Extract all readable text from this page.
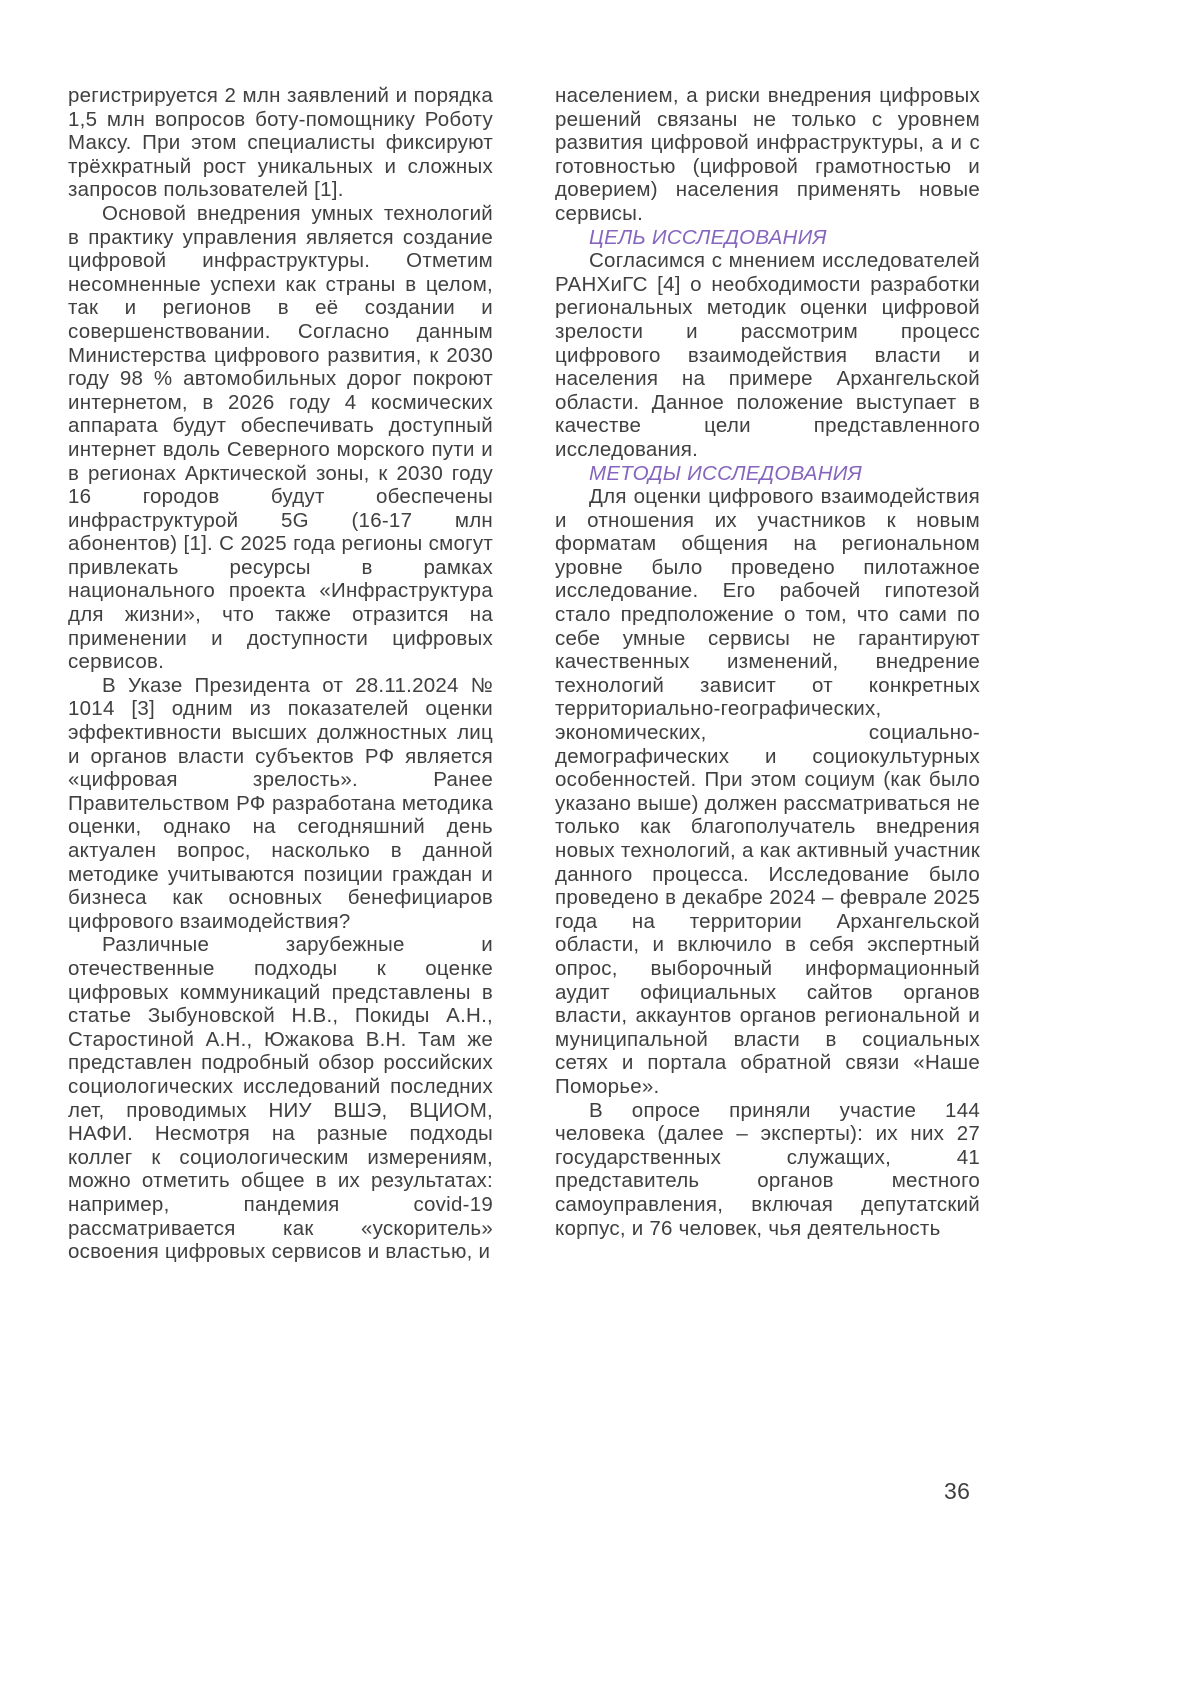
регистрируется 2 млн заявлений и порядка 1,5 млн вопросов боту-помощнику Роботу Максу. При этом специалисты фиксируют трёхкратный рост уникальных и сложных запросов пользователей [1].

Основой внедрения умных технологий в практику управления является создание цифровой инфраструктуры. Отметим несомненные успехи как страны в целом, так и регионов в её создании и совершенствовании. Согласно данным Министерства цифрового развития, к 2030 году 98 % автомобильных дорог покроют интернетом, в 2026 году 4 космических аппарата будут обеспечивать доступный интернет вдоль Северного морского пути и в регионах Арктической зоны, к 2030 году 16 городов будут обеспечены инфраструктурой 5G (16-17 млн абонентов) [1]. С 2025 года регионы смогут привлекать ресурсы в рамках национального проекта «Инфраструктура для жизни», что также отразится на применении и доступности цифровых сервисов.

В Указе Президента от 28.11.2024 № 1014 [3] одним из показателей оценки эффективности высших должностных лиц и органов власти субъектов РФ является «цифровая зрелость». Ранее Правительством РФ разработана методика оценки, однако на сегодняшний день актуален вопрос, насколько в данной методике учитываются позиции граждан и бизнеса как основных бенефициаров цифрового взаимодействия?

Различные зарубежные и отечественные подходы к оценке цифровых коммуникаций представлены в статье Зыбуновской Н.В., Покиды А.Н., Старостиной А.Н., Южакова В.Н. Там же представлен подробный обзор российских социологических исследований последних лет, проводимых НИУ ВШЭ, ВЦИОМ, НАФИ. Несмотря на разные подходы коллег к социологическим измерениям, можно отметить общее в их результатах: например, пандемия covid-19 рассматривается как «ускоритель» освоения цифровых сервисов и властью, и

населением, а риски внедрения цифровых решений связаны не только с уровнем развития цифровой инфраструктуры, а и с готовностью (цифровой грамотностью и доверием) населения применять новые сервисы.

ЦЕЛЬ ИССЛЕДОВАНИЯ

Согласимся с мнением исследователей РАНХиГС [4] о необходимости разработки региональных методик оценки цифровой зрелости и рассмотрим процесс цифрового взаимодействия власти и населения на примере Архангельской области. Данное положение выступает в качестве цели представленного исследования.

МЕТОДЫ ИССЛЕДОВАНИЯ

Для оценки цифрового взаимодействия и отношения их участников к новым форматам общения на региональном уровне было проведено пилотажное исследование. Его рабочей гипотезой стало предположение о том, что сами по себе умные сервисы не гарантируют качественных изменений, внедрение технологий зависит от конкретных территориально-географических, экономических, социально-демографических и социокультурных особенностей. При этом социум (как было указано выше) должен рассматриваться не только как благополучатель внедрения новых технологий, а как активный участник данного процесса. Исследование было проведено в декабре 2024 – феврале 2025 года на территории Архангельской области, и включило в себя экспертный опрос, выборочный информационный аудит официальных сайтов органов власти, аккаунтов органов региональной и муниципальной власти в социальных сетях и портала обратной связи «Наше Поморье».

В опросе приняли участие 144 человека (далее – эксперты): их них 27 государственных служащих, 41 представитель органов местного самоуправления, включая депутатский корпус, и 76 человек, чья деятельность

36
